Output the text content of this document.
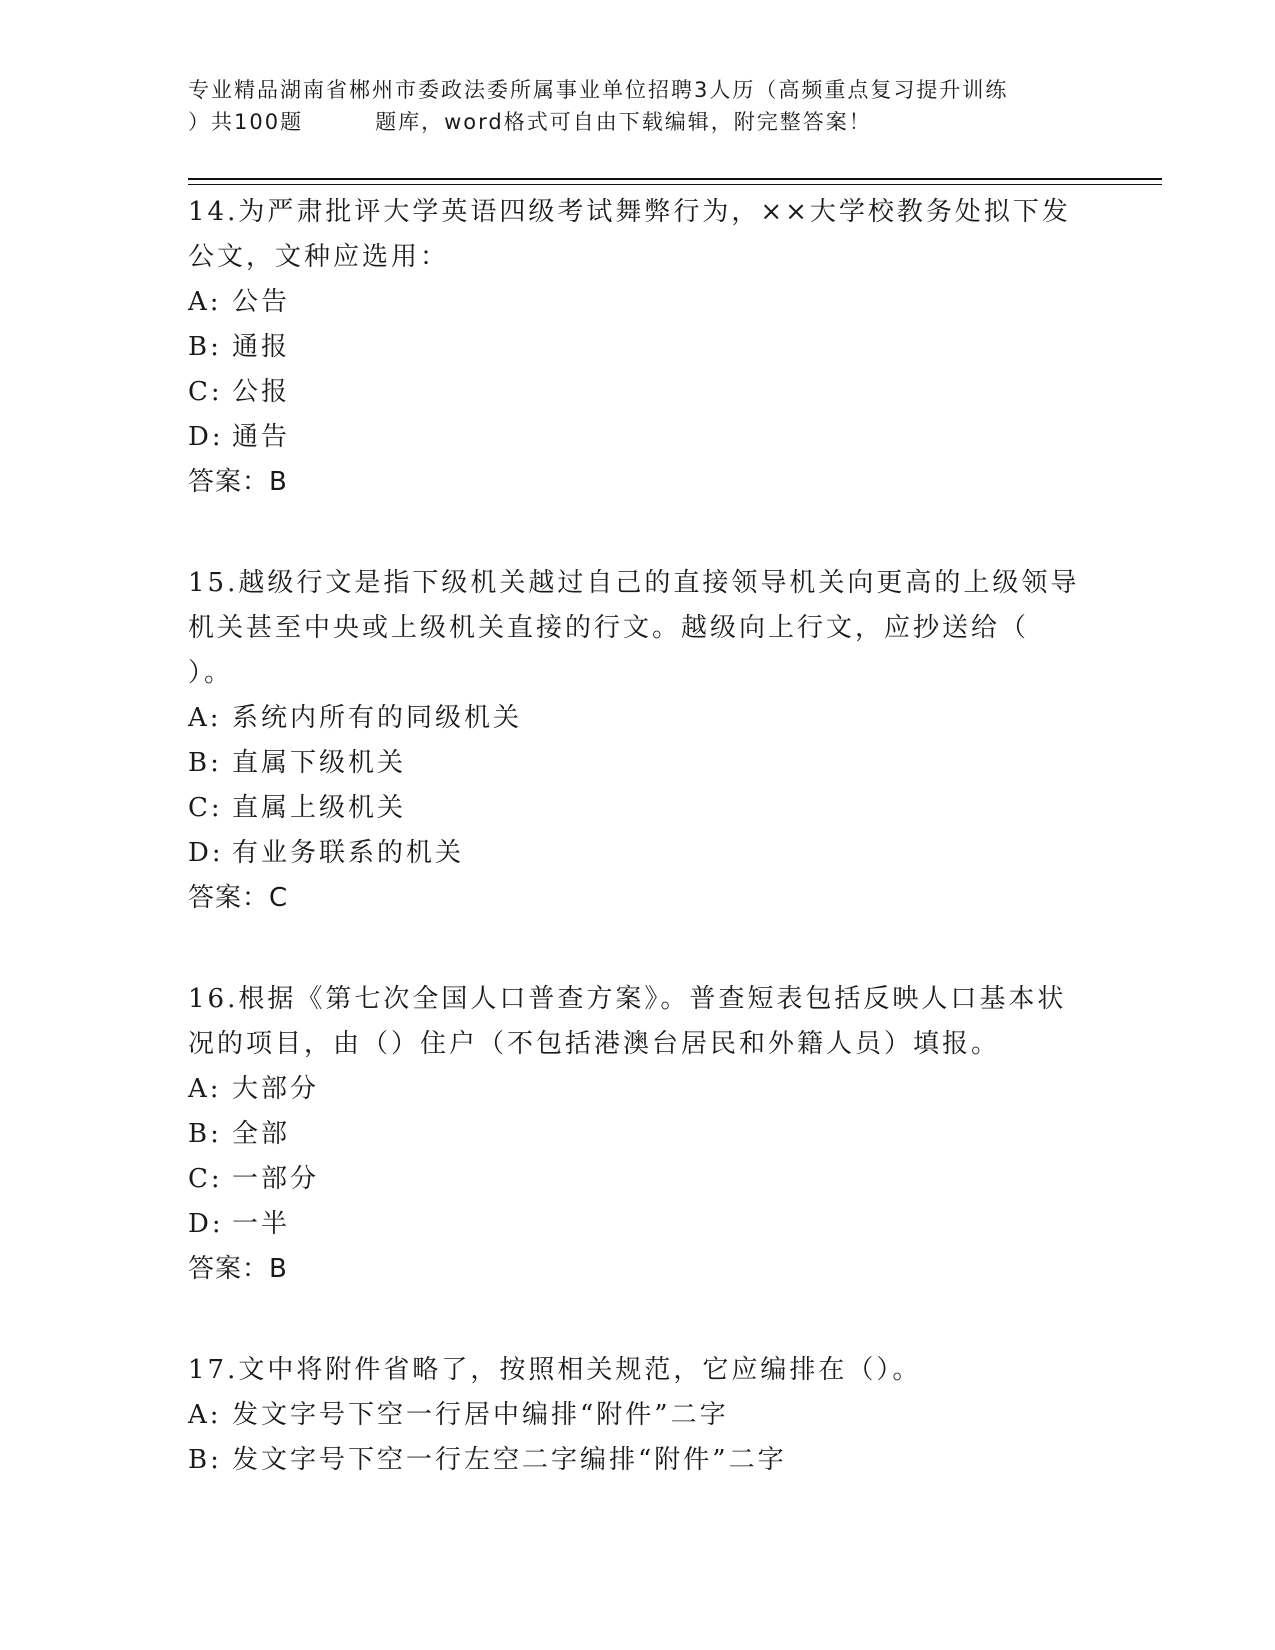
专业精品湖南省郴州市委政法委所属事业单位招聘3人历（高频重点复习提升训练
）共100题	题库，word格式可自由下载编辑，附完整答案！
14.为严肃批评大学英语四级考试舞弊行为，××大学校教务处拟下发
公文，文种应选用：
A: 公告
B: 通报
C: 公报
D: 通告
答案：B
15.越级行文是指下级机关越过自己的直接领导机关向更高的上级领导
机关甚至中央或上级机关直接的行文。越级向上行文，应抄送给（
）。
A: 系统内所有的同级机关
B: 直属下级机关
C: 直属上级机关
D: 有业务联系的机关
答案：C
16.根据《第七次全国人口普查方案》。普查短表包括反映人口基本状
况的项目，由（）住户（不包括港澳台居民和外籍人员）填报。
A: 大部分
B: 全部
C: 一部分
D: 一半
答案：B
17.文中将附件省略了，按照相关规范，它应编排在（）。
A: 发文字号下空一行居中编排“附件”二字
B: 发文字号下空一行左空二字编排“附件”二字
